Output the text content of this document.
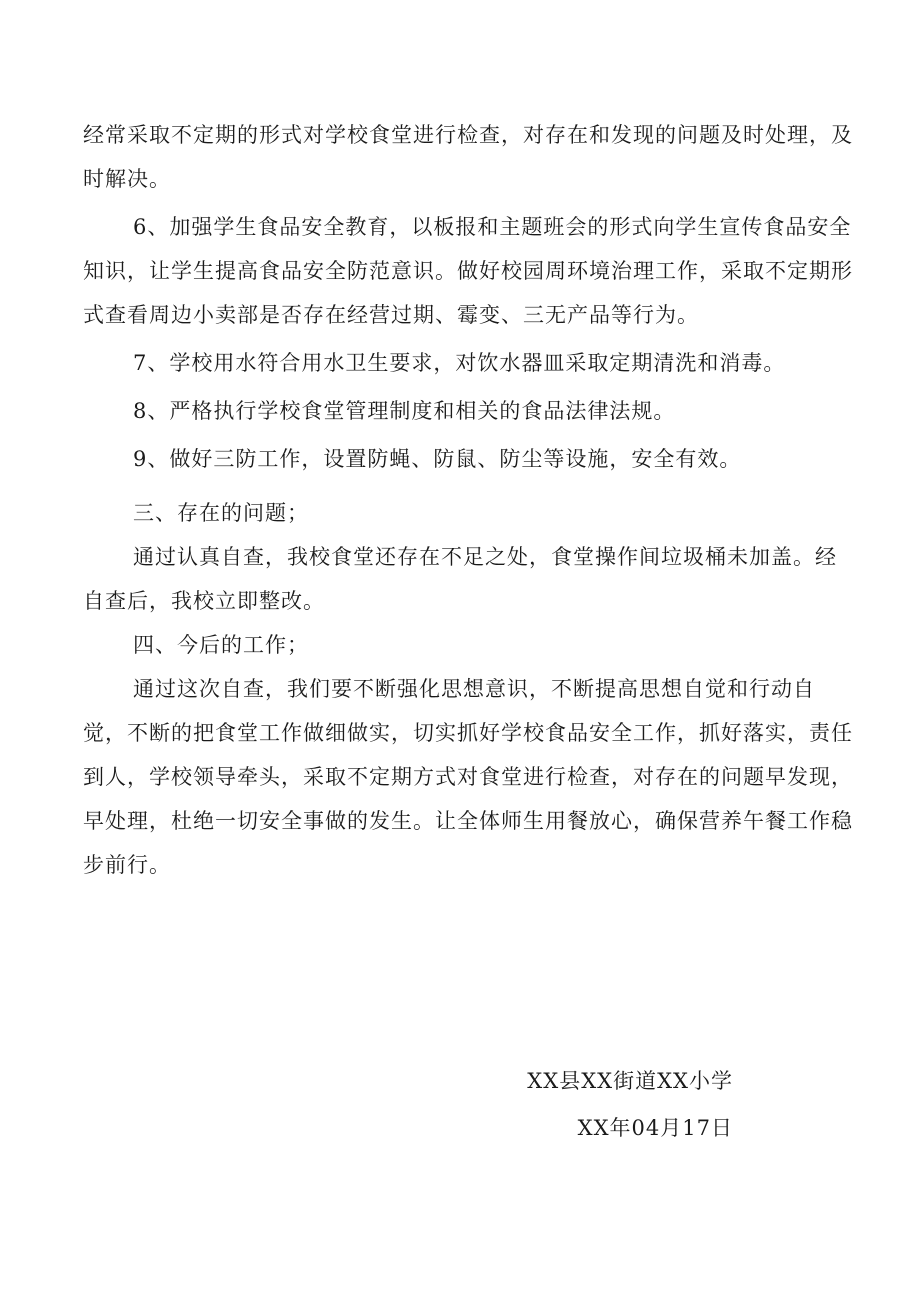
经常采取不定期的形式对学校食堂进行检查，对存在和发现的问题及时处理，及时解决。

6、加强学生食品安全教育，以板报和主题班会的形式向学生宣传食品安全知识，让学生提高食品安全防范意识。做好校园周环境治理工作，采取不定期形式查看周边小卖部是否存在经营过期、霉变、三无产品等行为。

7、学校用水符合用水卫生要求，对饮水器皿采取定期清洗和消毒。

8、严格执行学校食堂管理制度和相关的食品法律法规。

9、做好三防工作，设置防蝇、防鼠、防尘等设施，安全有效。

三、存在的问题；

通过认真自查，我校食堂还存在不足之处，食堂操作间垃圾桶未加盖。经自查后，我校立即整改。

四、今后的工作；

通过这次自查，我们要不断强化思想意识，不断提高思想自觉和行动自觉，不断的把食堂工作做细做实，切实抓好学校食品安全工作，抓好落实，责任到人，学校领导牵头，采取不定期方式对食堂进行检查，对存在的问题早发现，早处理，杜绝一切安全事做的发生。让全体师生用餐放心，确保营养午餐工作稳步前行。

XX县XX街道XX小学
XX年04月17日
